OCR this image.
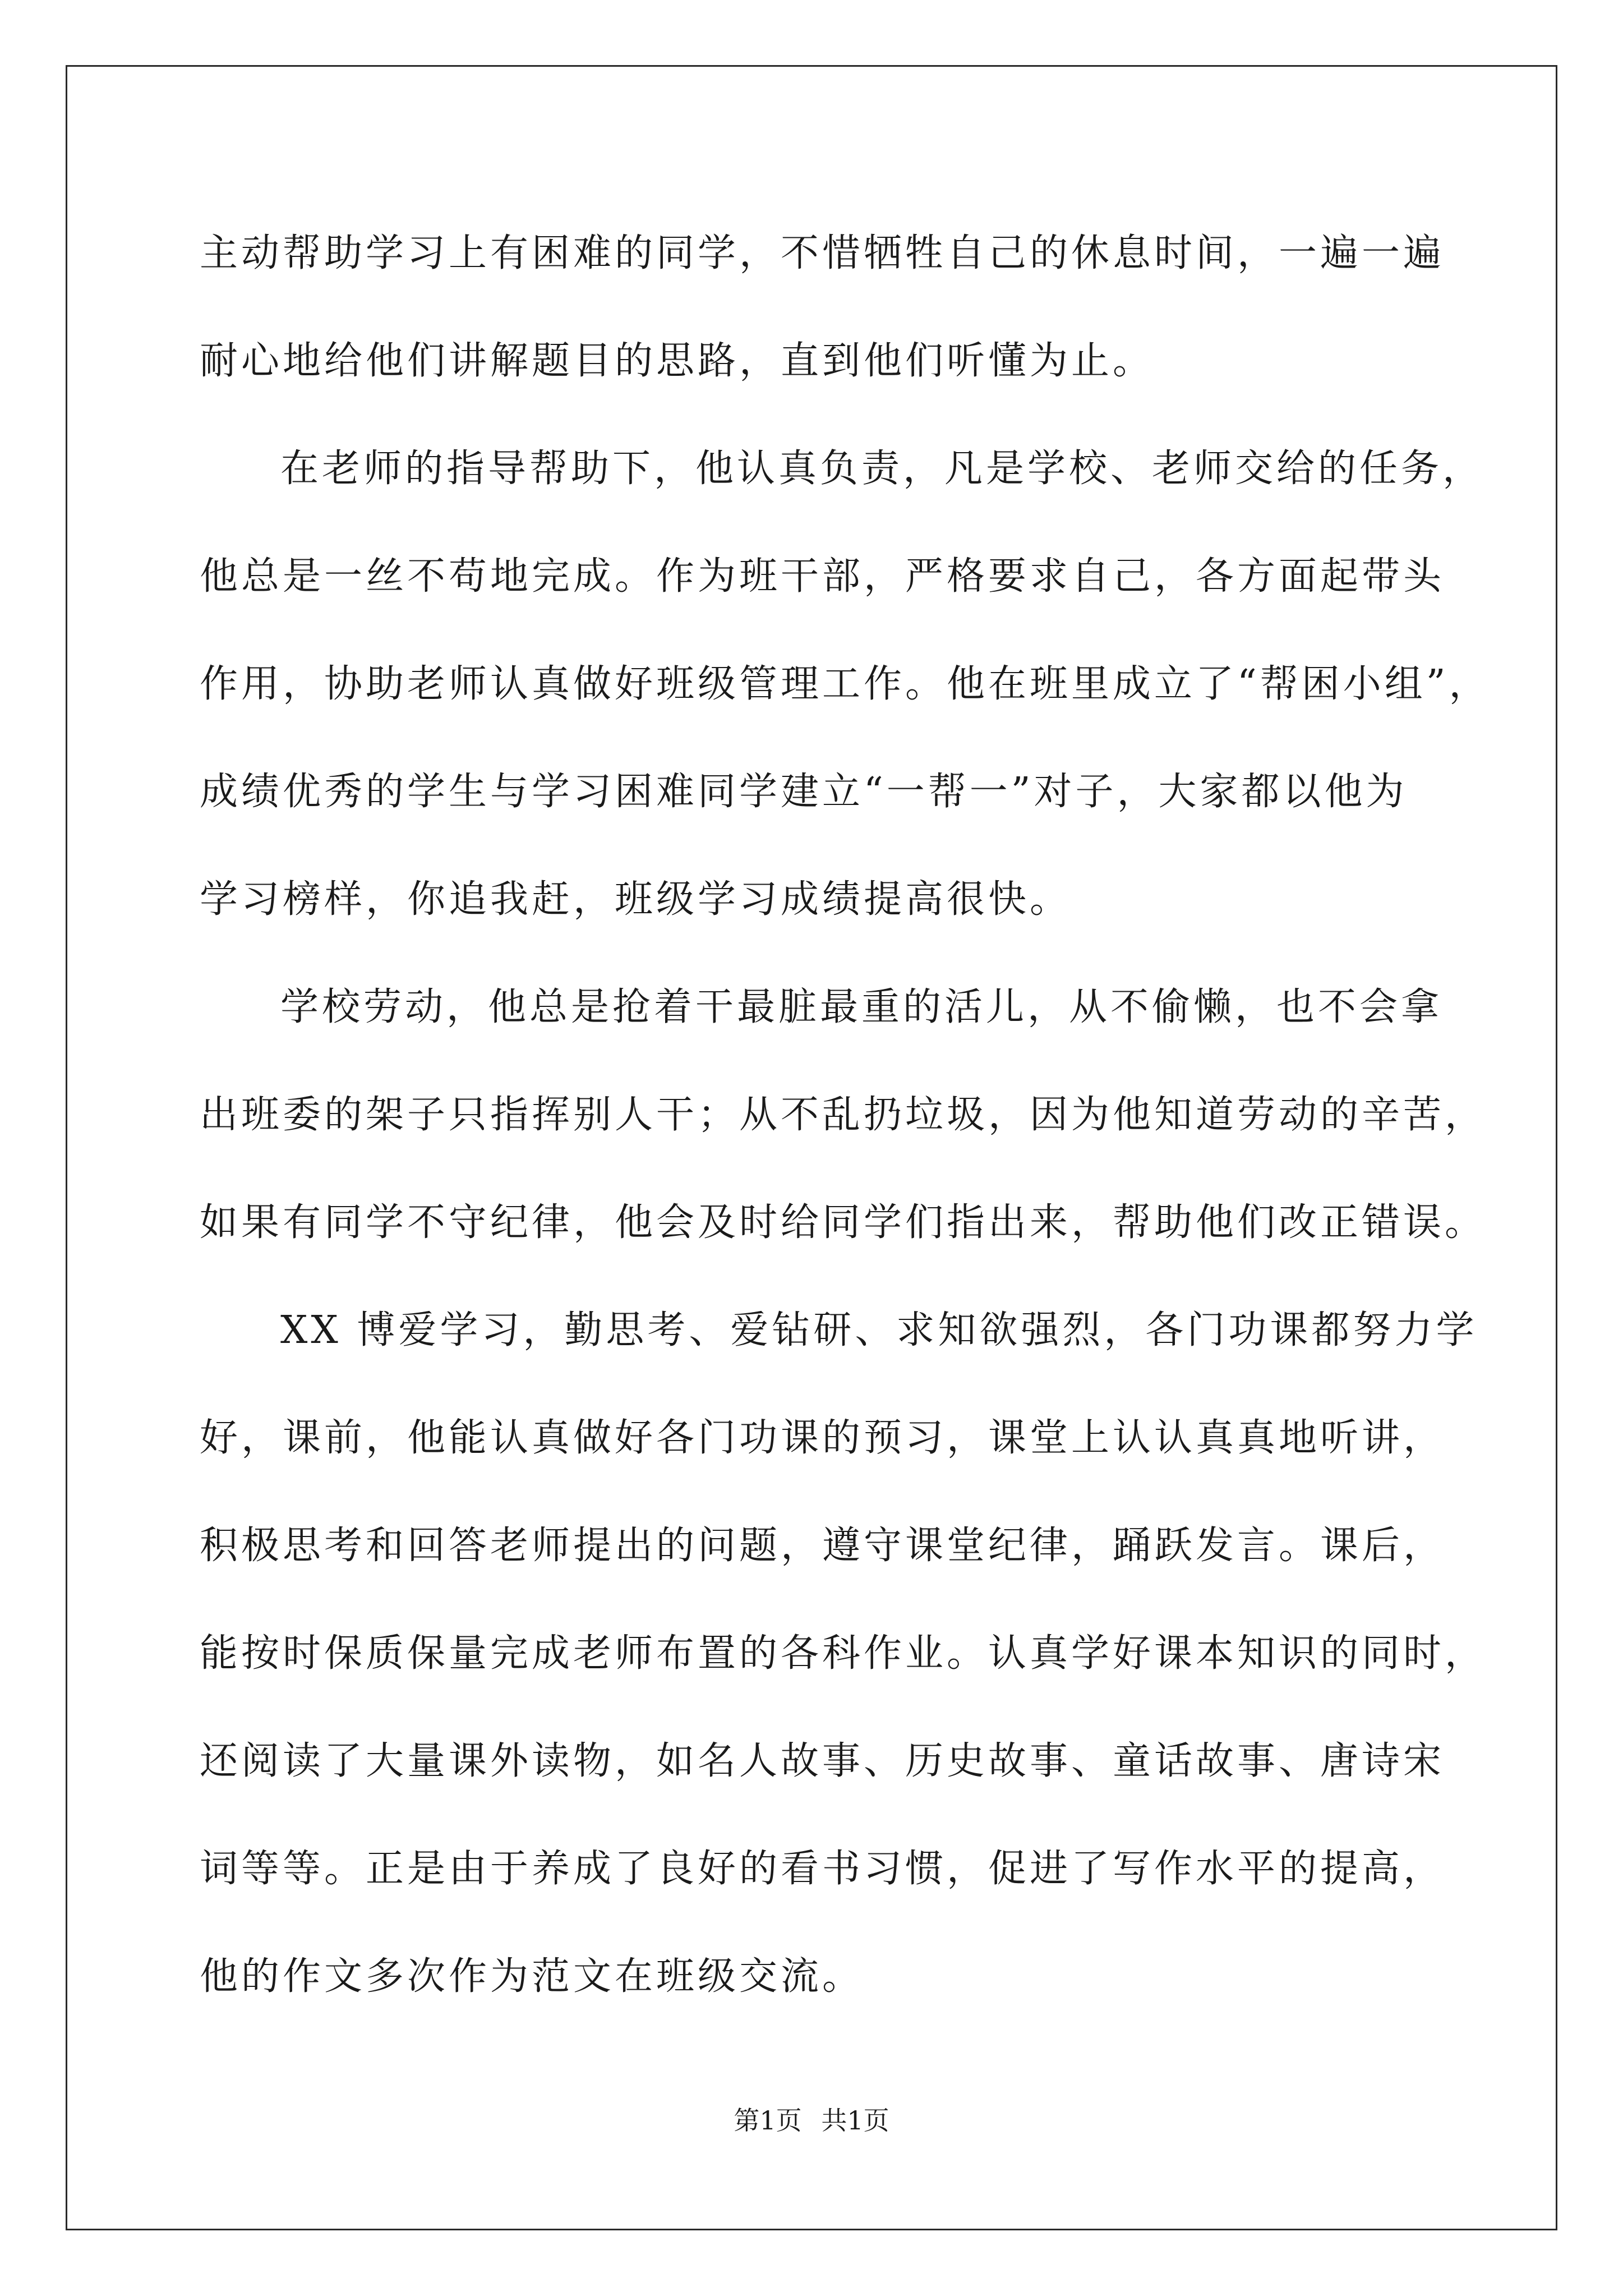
主动帮助学习上有困难的同学，不惜牺牲自己的休息时间，一遍一遍
耐心地给他们讲解题目的思路，直到他们听懂为止。
在老师的指导帮助下，他认真负责，凡是学校、老师交给的任务，
他总是一丝不苟地完成。作为班干部，严格要求自己，各方面起带头
作用，协助老师认真做好班级管理工作。他在班里成立了“帮困小组”，
成绩优秀的学生与学习困难同学建立“一帮一”对子，大家都以他为
学习榜样，你追我赶，班级学习成绩提高很快。
学校劳动，他总是抢着干最脏最重的活儿，从不偷懒，也不会拿
出班委的架子只指挥别人干；从不乱扔垃圾，因为他知道劳动的辛苦，
如果有同学不守纪律，他会及时给同学们指出来，帮助他们改正错误。
XX 博爱学习，勤思考、爱钻研、求知欲强烈，各门功课都努力学
好，课前，他能认真做好各门功课的预习，课堂上认认真真地听讲，
积极思考和回答老师提出的问题，遵守课堂纪律，踊跃发言。课后，
能按时保质保量完成老师布置的各科作业。认真学好课本知识的同时，
还阅读了大量课外读物，如名人故事、历史故事、童话故事、唐诗宋
词等等。正是由于养成了良好的看书习惯，促进了写作水平的提高，
他的作文多次作为范文在班级交流。
第1页 共1页
